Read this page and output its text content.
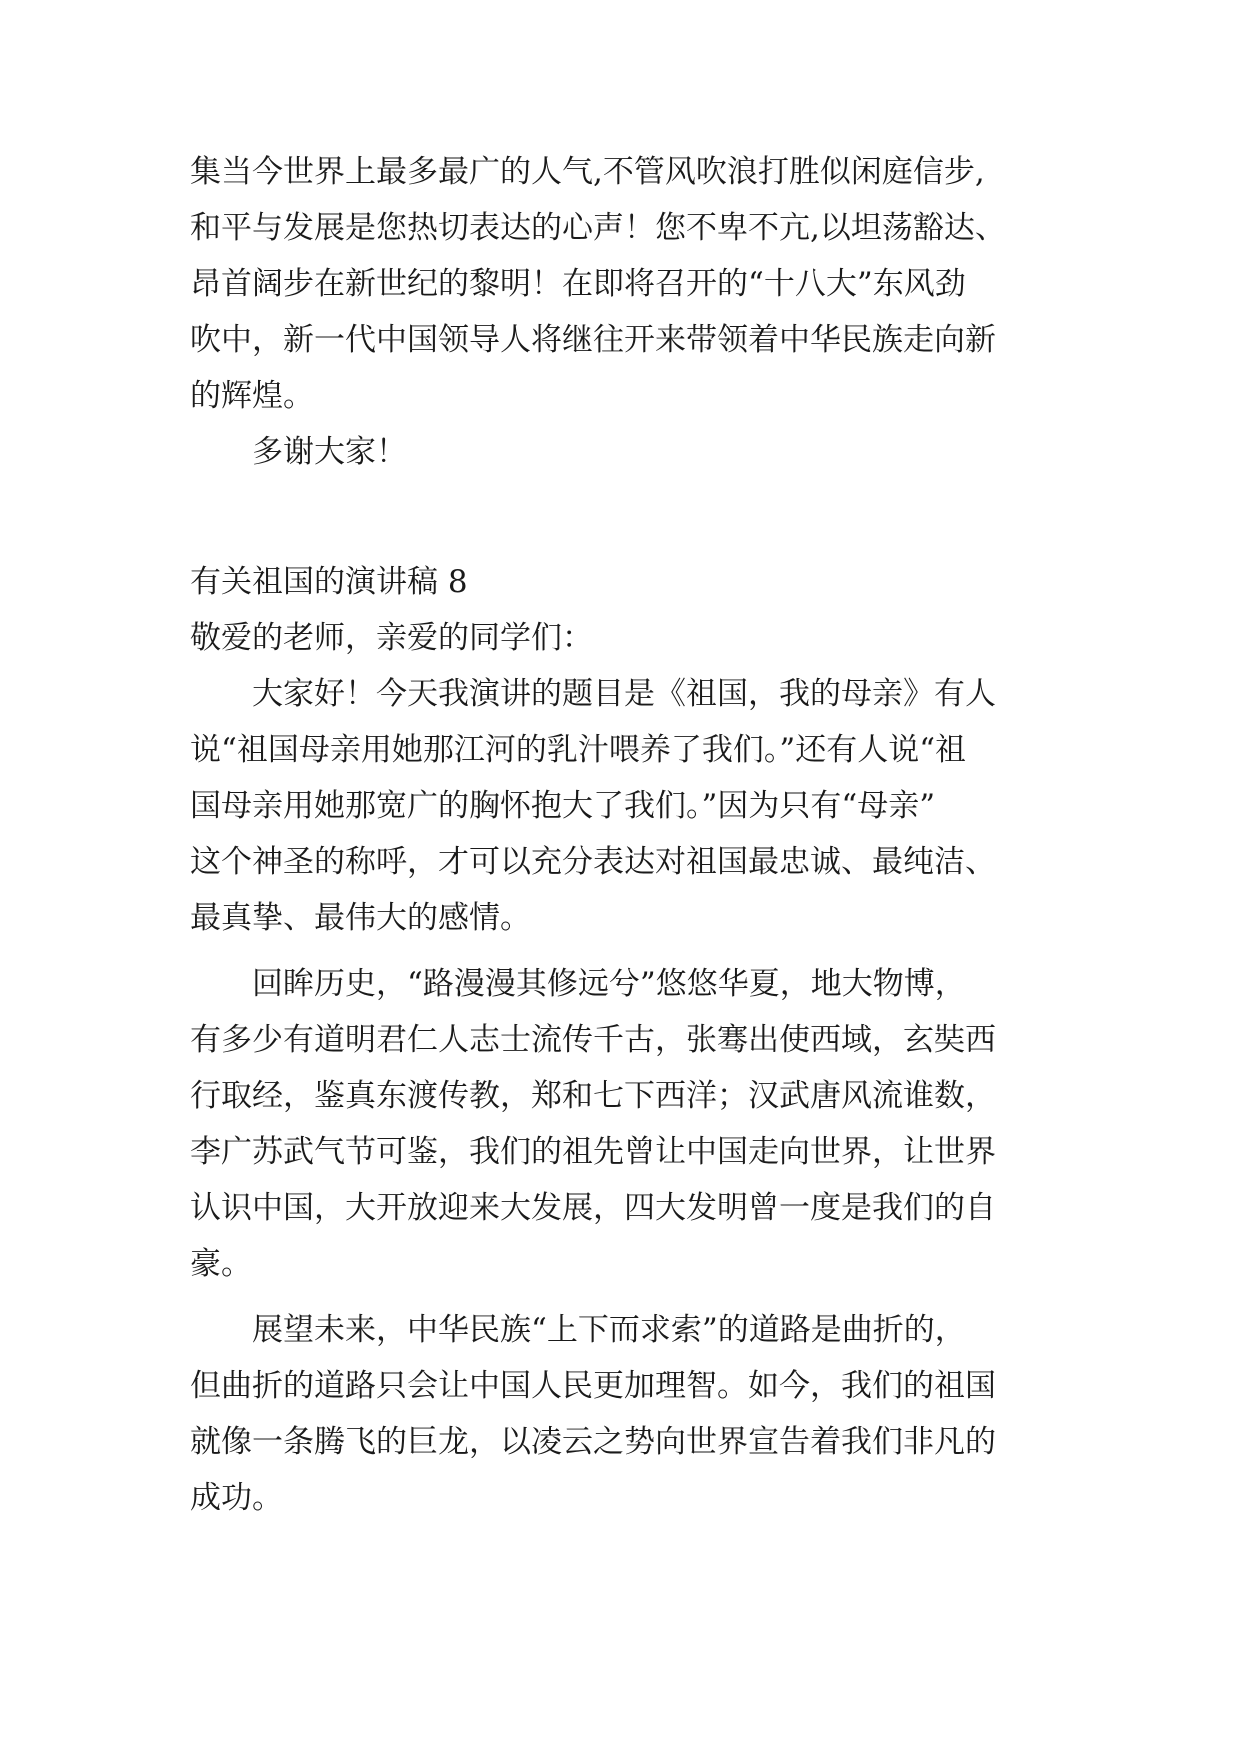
集当今世界上最多最广的人气,不管风吹浪打胜似闲庭信步,
和平与发展是您热切表达的心声！您不卑不亢,以坦荡豁达、
昂首阔步在新世纪的黎明！在即将召开的“十八大”东风劲
吹中，新一代中国领导人将继往开来带领着中华民族走向新
的辉煌。
多谢大家！
有关祖国的演讲稿 8
敬爱的老师，亲爱的同学们：
大家好！今天我演讲的题目是《祖国，我的母亲》有人
说“祖国母亲用她那江河的乳汁喂养了我们。”还有人说“祖
国母亲用她那宽广的胸怀抱大了我们。”因为只有“母亲”
这个神圣的称呼，才可以充分表达对祖国最忠诚、最纯洁、
最真挚、最伟大的感情。
回眸历史，“路漫漫其修远兮”悠悠华夏，地大物博，
有多少有道明君仁人志士流传千古，张骞出使西域，玄奘西
行取经，鉴真东渡传教，郑和七下西洋；汉武唐风流谁数，
李广苏武气节可鉴，我们的祖先曾让中国走向世界，让世界
认识中国，大开放迎来大发展，四大发明曾一度是我们的自
豪。
展望未来，中华民族“上下而求索”的道路是曲折的，
但曲折的道路只会让中国人民更加理智。如今，我们的祖国
就像一条腾飞的巨龙，以凌云之势向世界宣告着我们非凡的
成功。
